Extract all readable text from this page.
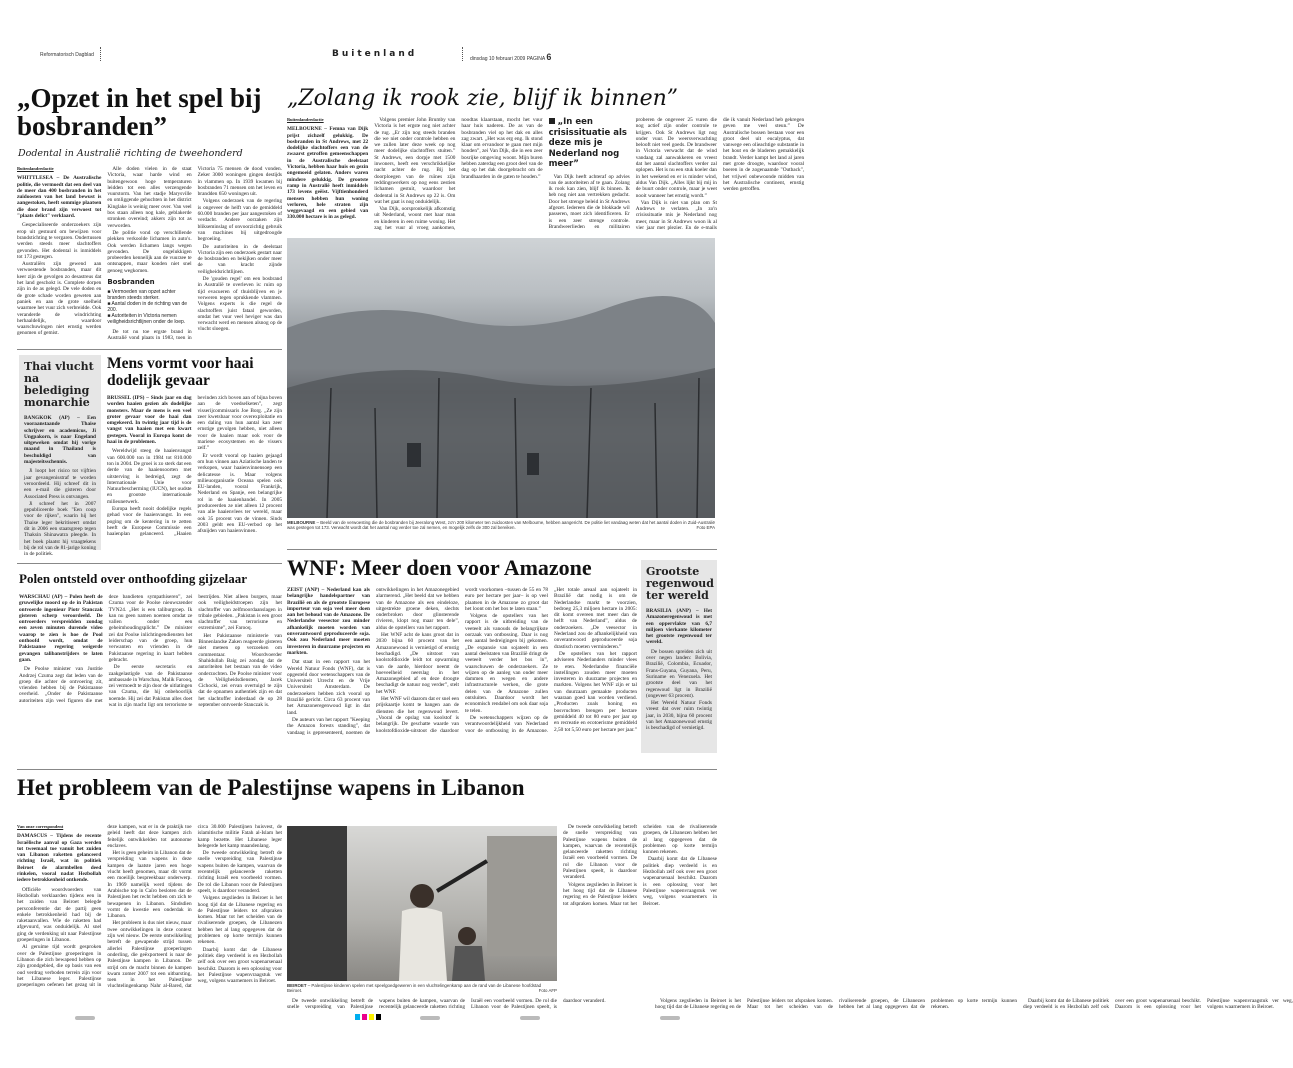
Reformatorisch Dagblad	Buitenland	dinsdag 10 februari 2009 PAGINA 6
„Opzet in het spel bij bosbranden”
Dodental in Australië richting de tweehonderd

Buitenlandredactie

WHITTLESEA – De Australische politie, die vermoedt dat een deel van de meer dan 400 bosbranden in het zuidoosten van het land bewust is aangestoken, heeft sommige plaatsen die door brand zijn verwoest tot "plaats delict" verklaard.

Gespecialiseerde onderzoekers zijn erop uit gestuurd om bewijzen voor brandstichting te vergaren. Ondertussen werden steeds meer slachtoffers gevonden. Het dodental is inmiddels tot 173 gestegen.

Australiërs zijn gewend aan verwoestende bosbranden, maar dit keer zijn de gevolgen zo desastreus dat het land geschokt is. Complete dorpen zijn in de as gelegd. De vele doden en de grote schade worden geweten aan paniek en aan de grote snelheid waarmee het vuur zich verbreidde. Ook veranderde de windrichting herhaaldelijk, waardoor waarschuwingen niet ernstig werden genomen of gemist.

Alle doden vielen in de staat Victoria, waar harde wind en buitengewoon hoge temperaturen leidden tot een alles verzengende vuurstorm. Van het stadje Marysville en omliggende gehuchten in het district Kinglake is weinig meer over. Van veel bos staan alleen nog kale, geblakerde stronken overeind; akkers zijn tot as verworden.

De politie vond op verschillende plekken verkoolde lichamen in auto's. Ook werden lichamen langs wegen gevonden. De ongelukkigen probeerden kennelijk aan de vuurzee te ontsnappen, maar konden niet snel genoeg wegkomen.

Bosbranden
■ Vermoeden van opzet achter branden steeds sterker.
■ Aantal doden in de richting van de 200.
■ Autoriteiten in Victoria nemen veiligheidsrichtlijnen onder de loep.

De tot nu toe ergste brand in Australië vond plaats in 1983, toen in Victoria 75 mensen de dood vonden. Zeker 3000 woningen gingen destijds in vlammen op. In 1939 kwamen bij bosbranden 71 mensen om het leven en brandden 650 woningen uit.

Volgens onderzoek van de regering is ongeveer de helft van de gemiddeld 60.000 branden per jaar aangestoken of verdacht. Andere oorzaken zijn blikseminslag of onvoorzichtig gebruik van machines bij uitgedroogde begroeiing.

De autoriteiten in de deelstaat Victoria zijn een onderzoek gestart naar de bosbranden en bekijken onder meer de van kracht zijnde veiligheidsrichtlijnen.

De 'gouden regel' om een bosbrand in Australië te overleven is: ruim op tijd evacueren of thuisblijven en je verweren tegen oprukkende vlammen. Volgens experts is die regel de slachtoffers juist fataal geworden, omdat het vuur veel heviger was dan verwacht werd en mensen alsnog op de vlucht sloegen.

„Zolang ik rook zie, blijf ik binnen”

Buitenlandredactie

MELBOURNE – Femna van Dijk prijst zichzelf gelukkig. De bosbranden in St Andrews, met 22 dodelijke slachtoffers een van de zwaarst getroffen gemeenschappen in de Australische deelstaat Victoria, hebben haar huis en gezin ongemoeid gelaten. Anders waren mindere gelukkig. De grootste ramp in Australië heeft inmiddels 173 levens geëist. Vijftienhonderd mensen hebben hun woning verloren, hele straten zijn weggevaagd en een gebied van 330.000 hectare is in as gelegd.

Volgens premier John Brumby van Victoria is het ergste nog niet achter de rug. „Er zijn nog steeds branden die we niet onder controle hebben en we zullen later deze week op nog meer dodelijke slachtoffers stuiten.” St Andrews, een dorpje met 1500 inwoners, heeft een verschrikkelijke nacht achter de rug. Bij het doorploegen van de ruïnes zijn reddingswerkers op nog eens zestien lichamen gestuit, waardoor het dodental in St Andrews op 22 is. Om wat het gaat is nog onduidelijk.

Van Dijk, oorspronkelijk afkomstig uit Nederland, woont met haar man en kinderen in een ruime woning. Het zag het vuur al vroeg aankomen, noodtas klaarstaan, mocht het vuur haar huis naderen. De as van de bosbranden viel op het dak en alles zag zwart. „Het was erg eng. Ik stond klaar om ervandoor te gaan met mijn honden”, zei Van Dijk, die in een zeer bosrijke omgeving woont. Mijn buren hebben zaterdag een groot deel van de dag op het dak doorgebracht om de brandhaarden in de gaten te houden.”

„In een crisissituatie als deze mis je Nederland nog meer”

Van Dijk heeft achteraf op advies van de autoriteiten af te gaan. Zolang ik rook kan zien, blijf ik binnen. Ik heb nog niet aan vertrekken gedacht. Door het strenge beleid in St Andrews afgezet. Iedereen die de blokkade wil passeren, moet zich identificeren. Er is een zeer strenge controle. Brandweerlieden en militairen proberen de ongeveer 25 vuren die nog actief zijn onder controle te krijgen. Ook St Andrews ligt nog onder vuur. De weersverwachting belooft niet veel goeds. De brandweer in Victoria verwacht dat de wind vandaag zal aanwakkeren en vreest dat het aantal slachtoffers verder zal oplopen. Het is nu een stuk koeler dan in het weekend en er is minder wind, aldus Van Dijk. „Alles lijkt bij mij in de buurt onder controle, maar je weet nooit wanneer het ernstig wordt.”

Van Dijk is niet van plan om St Andrews te verlaten. „In zo'n crisissituatie mis je Nederland nog meer, maar in St Andrews woon ik al vier jaar met plezier. En de e-mails die ik vanuit Nederland heb gekregen geven me veel steun.” De Australische bossen bestaan voor een groot deel uit eucalyptus, dat vanwege een olieachtige substantie in het hout en de bladeren gemakkelijk brandt. Verder kampt het land al jaren met grote droogte, waardoor vooral boeren in de zogenaamde "Outback", het vrijwel onbewoonde midden van het Australische continent, ernstig werden getroffen.

MELBOURNE – Beeld van de verwoesting die de bosbranden bij Jeeralong West, zo'n 200 kilometer ten zuidoosten van Melbourne, hebben aangericht. De politie liet vandaag weten dat het aantal doden in Zuid-Australië was gestegen tot 173. Verwacht wordt dat het aantal nog verder toe zal nemen, en mogelijk zelfs de 300 zal bereiken.	Foto EPA
Thai vlucht na belediging monarchie

BANGKOK (AP) – Een vooraanstaande Thaise schrijver en academicus, Ji Ungpakorn, is naar Engeland uitgeweken omdat hij vorige maand in Thailand is beschuldigd van majesteitsschennis.

Ji loopt het risico tot vijftien jaar gevangenisstraf te worden veroordeeld. Hij schreef dit in een e-mail die gisteren door Associated Press is ontvangen.

Ji schreef het in 2007 gepubliceerde boek "Een coup voor de rijken", waarin hij het Thaise leger bekritiseert omdat dit in 2006 een staatsgreep tegen Thaksin Shinawatra pleegde. In het boek plaatst hij vraagtekens bij de rol van de 81-jarige koning in de politiek.

Mens vormt voor haai dodelijk gevaar

BRUSSEL (IPS) – Sinds jaar en dag worden haaien gezien als dodelijke monsters. Maar de mens is een veel groter gevaar voor de haai dan omgekeerd. In twintig jaar tijd is de vangst van haaien met een kwart gestegen. Vooral in Europa komt de haai in de problemen.

Wereldwijd steeg de haaienvangst van 600.000 ton in 1984 tot 810.000 ton in 2004. De groei is zo sterk dat een derde van de haaiensoorten met uitsterving is bedreigd, zegt de Internationale Unie voor Natuurbescherming (IUCN), het oudste en grootste internationale milieunetwerk.

Europa heeft nooit dodelijke regels gehad voor de haaienvangst. In een poging om de kentering in te zetten heeft de Europese Commissie een haaienplan gelanceerd. „Haaien bevinden zich boven aan of bijna boven aan de voedselketen”, zegt visserijcommissaris Joe Borg. „Ze zijn zeer kwetsbaar voor overexploitatie en een daling van hun aantal kan zeer ernstige gevolgen hebben, niet alleen voor de haaien maar ook voor de mariene ecosystemen en de vissers zelf.”

Er wordt vooral op haaien gejaagd om hun vinnen aan Aziatische landen te verkopen, waar haaienvinnensoep een delicatesse is. Maar volgens milieuorganisatie Oceana spelen ook EU-landen, vooral Frankrijk, Nederland en Spanje, een belangrijke rol in de haaienhandel. In 2005 produceerden ze niet alleen 12 procent van alle haaienvlees ter wereld, maar ook 35 procent van de vinnen. Sinds 2003 geldt een EU-verbod op het afsnijden van haaienvinnen.

Polen ontsteld over onthoofding gijzelaar

WARSCHAU (AP) – Polen heeft de gruwelijke moord op de in Pakistan ontvoerde ingenieur Piotr Stanczak gisteren scherp veroordeeld. De ontvoerders verspreidden zondag een zeven minuten durende video waarop te zien is hoe de Pool onthoofd wordt, omdat de Pakistaanse regering weigerde gevangen talibanstrijders te laten gaan.

De Poolse minister van Justitie Andrzej Czuma zegt dat leden van de groep die achter de ontvoering zit, vrienden hebben bij de Pakistaanse overheid. „Onder de Pakistaanse autoriteiten zijn veel figuren die met deze bandieten sympathiseren”, zei Czuma voor de Poolse nieuwszender TVN24. „Het is een taliburgroep. Ik kan nu geen namen noemen omdat ze vallen onder een geheimhoudingsplicht.” De minister zei dat Poolse inlichtingendiensten het leiderschap van de groep, hun verwanten en vrienden in de Pakistaanse regering in kaart hebben gebracht.

De eerste secretaris en zaakgelastigde van de Pakistaanse ambassade in Warschau, Malik Farooq, zei vermoedt te zijn door de uitlatingen van Czuma, die hij onbehoorlijk noemde. Hij zei dat Pakistan alles doet wat in zijn macht ligt om terrorisme te bestrijden. Niet alleen burgers, maar ook veiligheidstroepen zijn het slachtoffer van zelfmoordaanslagen in tribale gebieden. „Pakistan is een groot slachtoffer van terrorisme en extremisme”, zei Farooq.

Het Pakistaanse ministerie van Binnenlandse Zaken reageerde gisteren niet meteen op verzoeken om commentaar. Woordvoerder Shahidullah Baig zei zondag dat de autoriteiten het bestaan van de video onderzochten. De Poolse minister voor de Veiligheidsdiensten, Jacek Cichocki, zei ervan overtuigd te zijn dat de opnamen authentiek zijn en dat het slachtoffer inderdaad de op 28 september ontvoerde Stanczak is.

WNF: Meer doen voor Amazone

ZEIST (ANP) – Nederland kan als belangrijke handelspartner van Brazilië en als de grootste Europese importeur van soja veel meer doen aan het behoud van de Amazone. De Nederlandse veesector zou minder afhankelijk moeten worden van onverantwoord geproduceerde soja. Ook zou Nederland meer moeten investeren in duurzame projecten en markten.

Dat staat in een rapport van het Wereld Natuur Fonds (WNF), dat is opgesteld door wetenschappers van de Universiteit Utrecht en de Vrije Universiteit Amsterdam. De onderzoekers hebben zich vooral op Brazilië gericht. Circa 63 procent van het Amazoneregenwoud ligt in dat land.

De auteurs van het rapport "Keeping the Amazon forests standing", dat vandaag is gepresenteerd, noemen de ontwikkelingen in het Amazonegebied alarmerend. „Het beeld dat we hebben van de Amazone als een eindeloze, uitgestrekte groene deken, slechts onderbroken door glinsterende rivieren, klopt nog maar ten dele”, aldus de opstellers van het rapport.

Het WNF acht de kans groot dat in 2030 bijna 60 procent van het Amazonewoud is vernietigd of ernstig beschadigd. „De uitstoot van koolstofdioxide leidt tot opwarming van de aarde, hierdoor neemt de hoeveelheid neerslag in het Amazonegebied af en deze droogte beschadigt de natuur nog verder”, stelt het WNF.

Het WNF wil daarom dat er snel een prijskaartje komt te hangen aan de diensten die het regenwoud levert. „Vooral de opslag van koolstof is belangrijk. De geschatte waarde van koolstofdioxide-uitstoot die daardoor wordt voorkomen –tussen de 55 en 78 euro per hectare per jaar– is op veel plaatsen in de Amazone zo groot dat het loont om het bos te laten staan.”

Volgens de opstellers van het rapport is de uitbreiding van de veeteelt als vanouds de belangrijkste oorzaak van ontbossing. Daar is nog een aantal bedreigingen bij gekomen. „De expansie van sojateelt in een aantal deelstaten van Brazilië dringt de veeteelt verder het bos in”, waarschuwen de onderzoekers. Ze wijzen op de aanleg van onder meer dammen en wegen en andere infrastructurele werken, die grote delen van de Amazone zullen ontsluiten. Daardoor wordt het economisch rendabel om ook daar soja te telen.

De wetenschappers wijzen op de verantwoordelijkheid van Nederland voor de ontbossing in de Amazone. „Het totale areaal aan sojateelt in Brazilië dat nodig is om de Nederlandse markt te voorzien, bedroeg 25,3 miljoen hectare in 2005: dit komt overeen met meer dan de helft van Nederland”, aldus de onderzoekers. „De veesector in Nederland zou de afhankelijkheid van onverantwoord geproduceerde soja drastisch moeten verminderen.”

De opstellers van het rapport adviseren Nederlanders minder vlees te eten. Nederlandse financiële instellingen zouden meer moeten investeren in duurzame projecten en markten. Volgens het WNF zijn er tal van duurzaam gemaakte producten waaraan goed kan worden verdiend. „Producten zoals honing en bosvruchten brengen per hectare gemiddeld 40 tot 80 euro per jaar op en recreatie en ecotoerisme gemiddeld 2,50 tot 5,50 euro per hectare per jaar.”

Grootste regenwoud ter wereld

BRASILIA (ANP) – Het Amazoneregenwoud is met een oppervlakte van 6,7 miljoen vierkante kilometer het grootste regenwoud ter wereld.

De bossen spreiden zich uit over negen landen: Bolivia, Brazilië, Colombia, Ecuador, Frans-Guyana, Guyana, Peru, Suriname en Venezuela. Het grootste deel van het regenwoud ligt in Brazilië (ongeveer 63 procent).

Het Wereld Natuur Fonds vreest dat over ruim twintig jaar, in 2030, bijna 60 procent van het Amazonewoud ernstig is beschadigd of vernietigd.

Het probleem van de Palestijnse wapens in Libanon

Van onze correspondent

DAMASCUS – Tijdens de recente Israëlische aanval op Gaza werden tot tweemaal toe vanuit het zuiden van Libanon raketten gelanceerd richting Israël, wat in politiek Beiroet de alarmbellen deed rinkelen, vooral nadat Hezbollah iedere betrokkenheid ontkende.

Officiële woordvoerders van Hezbollah verklaarden tijdens een in het zuiden van Beiroet belegde persconferentie dat de partij geen enkele betrokkenheid had bij de raketaanvallen. Wie de raketten had afgevuurd, was onduidelijk. Al snel ging de verdenking uit naar Palestijnse groeperingen in Libanon.

Al geruime tijd wordt gesproken over de Palestijnse groeperingen in Libanon die zich bewapend hebben op zijn grondgebied, die op basis van een oud verdrag verboden terrein zijn voor het Libanese leger. Palestijnse groeperingen oefenen het gezag uit in deze kampen, wat er in de praktijk toe geleid heeft dat deze kampen zich feitelijk ontwikkelden tot autonome enclaves.

Het is geen geheim in Libanon dat de verspreiding van wapens in deze kampen de laatste jaren een hoge vlucht heeft genomen, maar dit vormt een moeilijk bespreekbaar onderwerp. In 1969 namelijk werd tijdens de Arabische top in Caïro besloten dat de Palestijnen het recht hebben om zich te bewapenen in Libanon. Sindsdien vormt de kwestie een onderdak in Libanon.

Het probleem is dus niet nieuw, maar twee ontwikkelingen in deze context zijn wel nieuw. De eerste ontwikkeling betreft de gewapende strijd tussen allerlei Palestijnse groeperingen onderling, die geëxporteerd is naar de Palestijnse kampen in Libanon. De strijd om de macht binnen de kampen kwam zomer 2007 tot een uitbarsting, toen in het Palestijnse vluchtelingenkamp Nahr al-Bared, dat circa 30.000 Palestijnen huisvest, de islamitische militie Fatah al-Islam het kamp bezette. Het Libanese leger belegerde het kamp maandenlang.

De tweede ontwikkeling betreft de snelle verspreiding van Palestijnse wapens buiten de kampen, waarvan de recentelijk gelanceerde raketten richting Israël een voorbeeld vormen. De rol die Libanon voor de Palestijnen speelt, is daardoor veranderd.

Volgens zegslieden in Beiroet is het hoog tijd dat de Libanese regering en de Palestijnse leiders tot afspraken komen. Maar tot het scheiden van de rivaliserende groepen, de Libanezen hebben het al lang opgegeven dat de problemen op korte termijn kunnen rekenen.

Daarbij komt dat de Libanese politiek diep verdeeld is en Hezbollah zelf ook over een groot wapenarsenaal beschikt. Daarom is een oplossing voor het Palestijnse wapenvraagstuk ver weg, volgens waarnemers in Beiroet.

BEIROET – Palestijnse kinderen spelen met speelgoedgeweren in een vluchtelingenkamp aan de rand van de Libanese hoofdstad Beiroet.	Foto AFP

De tweede ontwikkeling betreft de snelle verspreiding van Palestijnse wapens buiten de kampen, waarvan de recentelijk gelanceerde raketten richting Israël een voorbeeld vormen. De rol die Libanon voor de Palestijnen speelt, is daardoor veranderd.

Volgens zegslieden in Beiroet is het hoog tijd dat de Libanese regering en de Palestijnse leiders tot afspraken komen. Maar tot het scheiden van de rivaliserende groepen, de Libanezen hebben het al lang opgegeven dat de problemen op korte termijn kunnen rekenen.

Daarbij komt dat de Libanese politiek diep verdeeld is en Hezbollah zelf ook over een groot wapenarsenaal beschikt. Daarom is een oplossing voor het Palestijnse wapenvraagstuk ver weg, volgens waarnemers in Beiroet.

De tweede ontwikkeling betreft de snelle verspreiding van Palestijnse wapens buiten de kampen, waarvan de recentelijk gelanceerde raketten richting Israël een voorbeeld vormen. De rol die Libanon voor de Palestijnen speelt, is daardoor veranderd.	Volgens zegslieden in Beiroet is het hoog tijd dat de Libanese regering en de Palestijnse leiders tot afspraken komen. Maar tot het scheiden van de rivaliserende groepen, de Libanezen hebben het al lang opgegeven dat de problemen op korte termijn kunnen rekenen.

Daarbij komt dat de Libanese politiek diep verdeeld is en Hezbollah zelf ook over een groot wapenarsenaal beschikt. Daarom is een oplossing voor het Palestijnse wapenvraagstuk ver weg, volgens waarnemers in Beiroet.
